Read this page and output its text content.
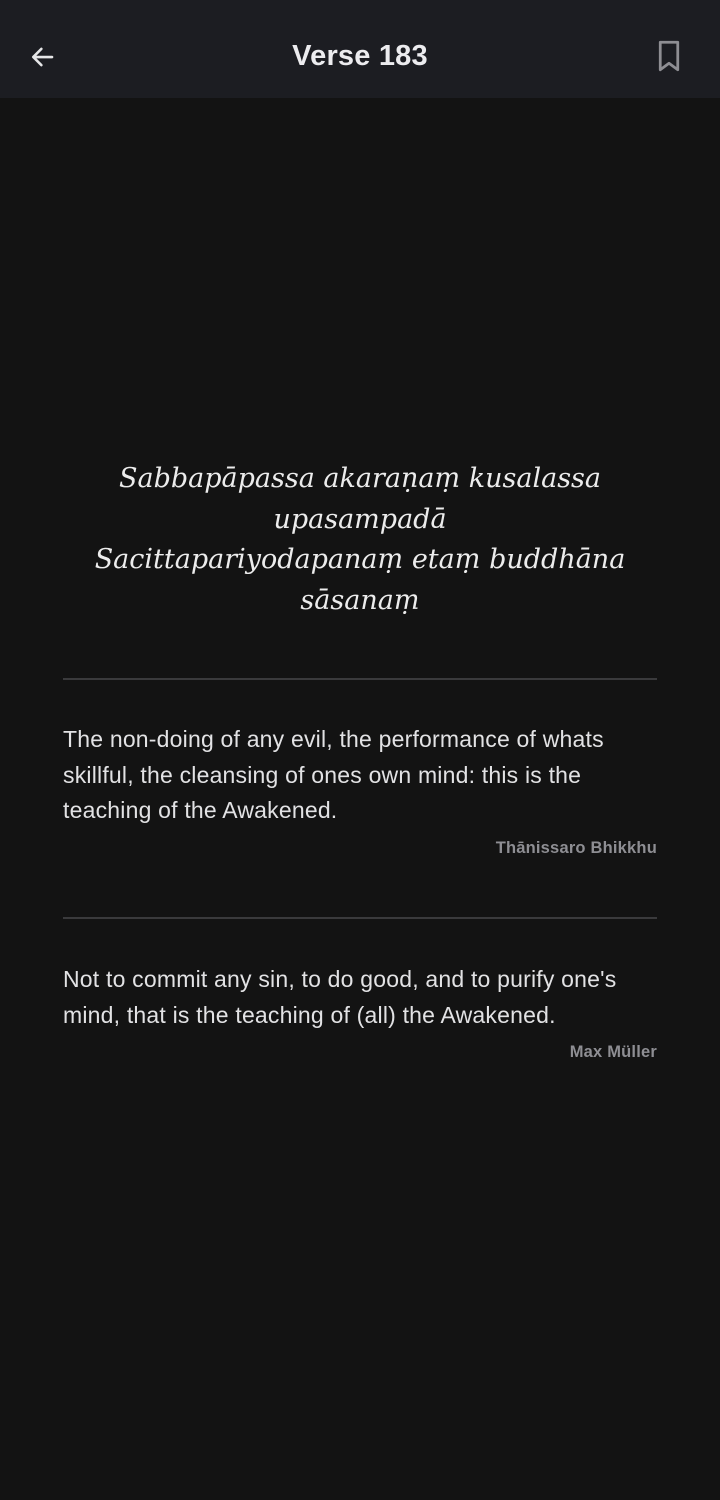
Verse 183
Sabbapāpassa akaraṇaṃ kusalassa
upasampadā
Sacittapariyodapanaṃ etaṃ buddhāna
sāsanaṃ
The non-doing of any evil, the performance of whats skillful, the cleansing of ones own mind: this is the teaching of the Awakened.
Thānissaro Bhikkhu
Not to commit any sin, to do good, and to purify one's mind, that is the teaching of (all) the Awakened.
Max Müller
